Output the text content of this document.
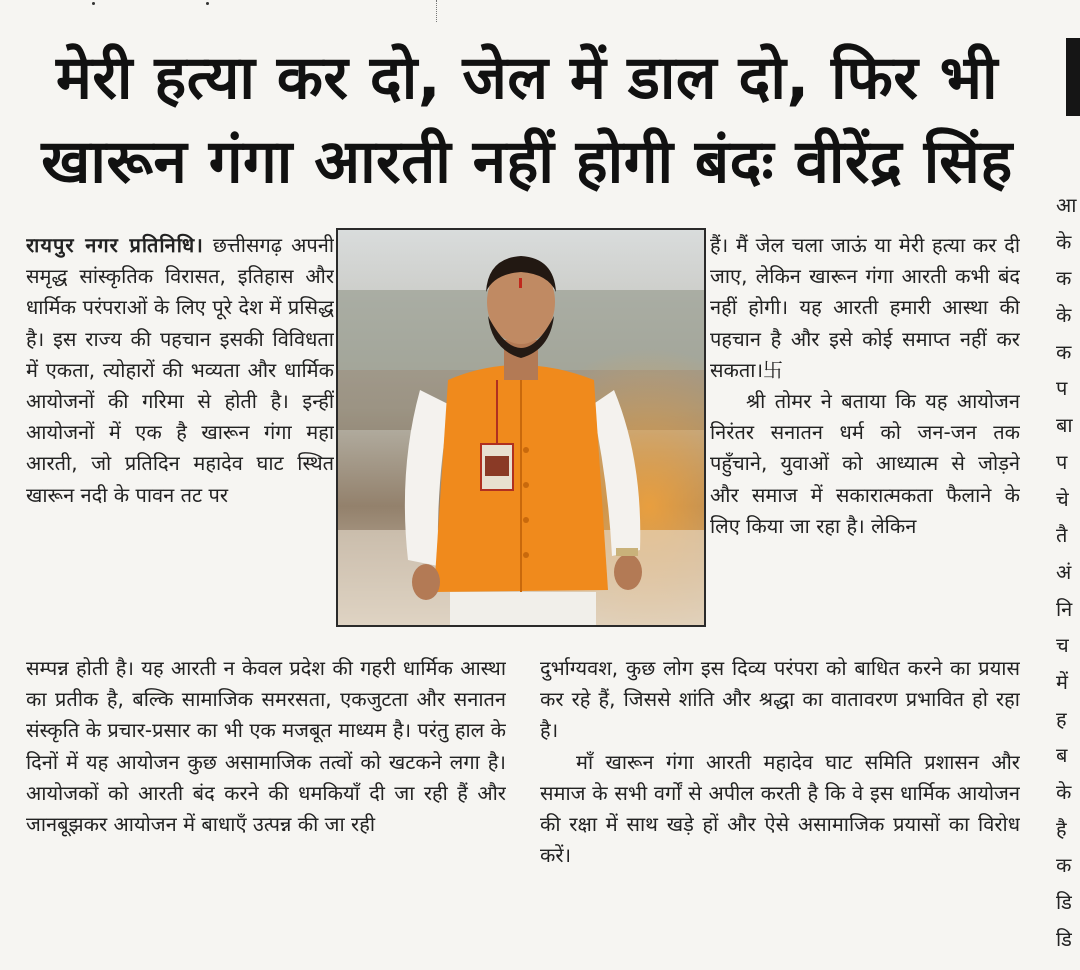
मेरी हत्या कर दो, जेल में डाल दो, फिर भी
खारून गंगा आरती नहीं होगी बंदः वीरेंद्र सिंह

रायपुर नगर प्रतिनिधि। छत्तीसगढ़ अपनी समृद्ध सांस्कृतिक विरासत, इतिहास और धार्मिक परंपराओं के लिए पूरे देश में प्रसिद्ध है। इस राज्य की पहचान इसकी विविधता में एकता, त्योहारों की भव्यता और धार्मिक आयोजनों की गरिमा से होती है। इन्हीं आयोजनों में एक है खारून गंगा महा आरती, जो प्रतिदिन महादेव घाट स्थित खारून नदी के पावन तट पर

सम्पन्न होती है। यह आरती न केवल प्रदेश की गहरी धार्मिक आस्था का प्रतीक है, बल्कि सामाजिक समरसता, एकजुटता और सनातन संस्कृति के प्रचार-प्रसार का भी एक मजबूत माध्यम है। परंतु हाल के दिनों में यह आयोजन कुछ असामाजिक तत्वों को खटकने लगा है। आयोजकों को आरती बंद करने की धमकियाँ दी जा रही हैं और जानबूझकर आयोजन में बाधाएँ उत्पन्न की जा रही

हैं। मैं जेल चला जाऊं या मेरी हत्या कर दी जाए, लेकिन खारून गंगा आरती कभी बंद नहीं होगी। यह आरती हमारी आस्था की पहचान है और इसे कोई समाप्त नहीं कर सकता।卐

श्री तोमर ने बताया कि यह आयोजन निरंतर सनातन धर्म को जन-जन तक पहुँचाने, युवाओं को आध्यात्म से जोड़ने और समाज में सकारात्मकता फैलाने के लिए किया जा रहा है। लेकिन

दुर्भाग्यवश, कुछ लोग इस दिव्य परंपरा को बाधित करने का प्रयास कर रहे हैं, जिससे शांति और श्रद्धा का वातावरण प्रभावित हो रहा है।

माँ खारून गंगा आरती महादेव घाट समिति प्रशासन और समाज के सभी वर्गों से अपील करती है कि वे इस धार्मिक आयोजन की रक्षा में साथ खड़े हों और ऐसे असामाजिक प्रयासों का विरोध करें।

आ
के
क
के
क
प
बा
प
चे
तै
अं
नि
च
में
ह
ब
के
है
क
डि
डि
